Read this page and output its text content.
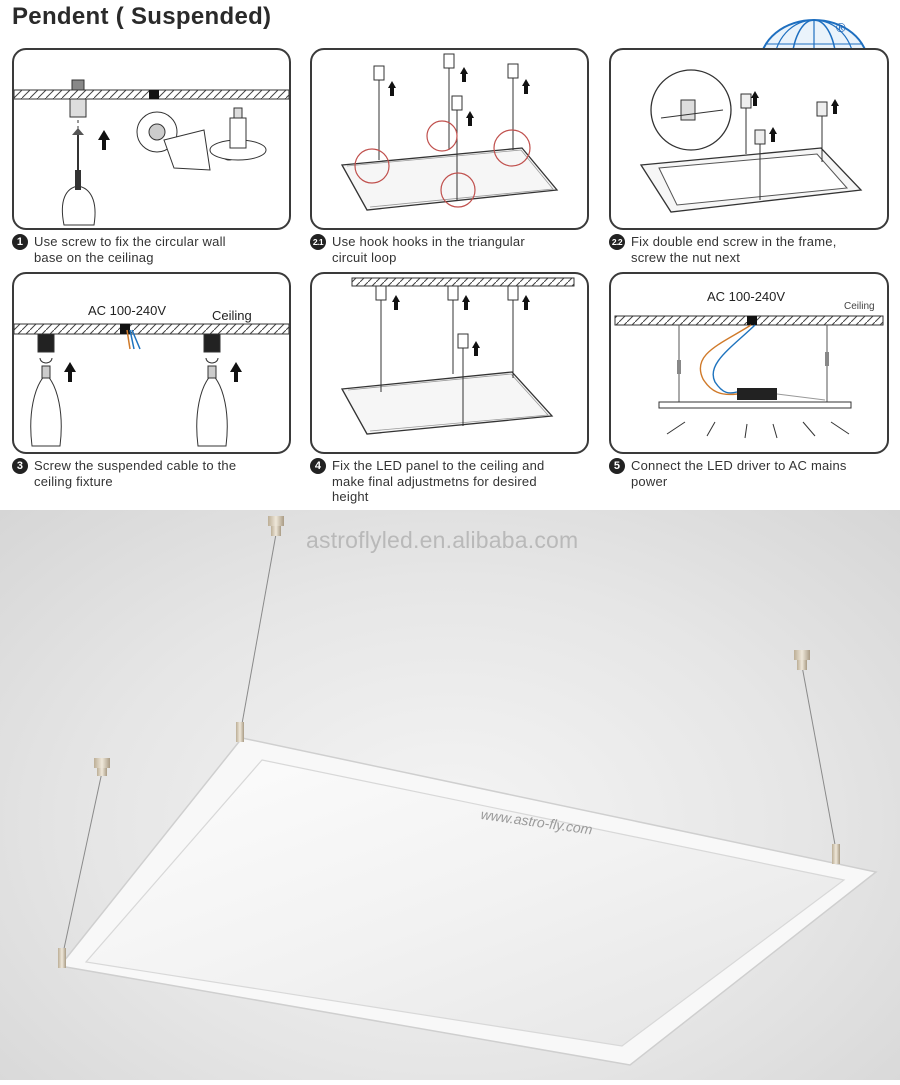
Pendent ( Suspended)	®
1 Use screw to fix the circular wall base on the ceilinag
2.1 Use hook hooks in the triangular circuit loop
2.2 Fix double end screw in the frame, screw the nut next
AC 100-240V	Ceiling
AC 100-240V
Ceiling
3 Screw the suspended cable to the ceiling fixture
4 Fix the LED panel to the ceiling and make final adjustmetns for desired height
5 Connect the LED driver to AC mains power
astroflyled.en.alibaba.com
www.astro-fly.com
